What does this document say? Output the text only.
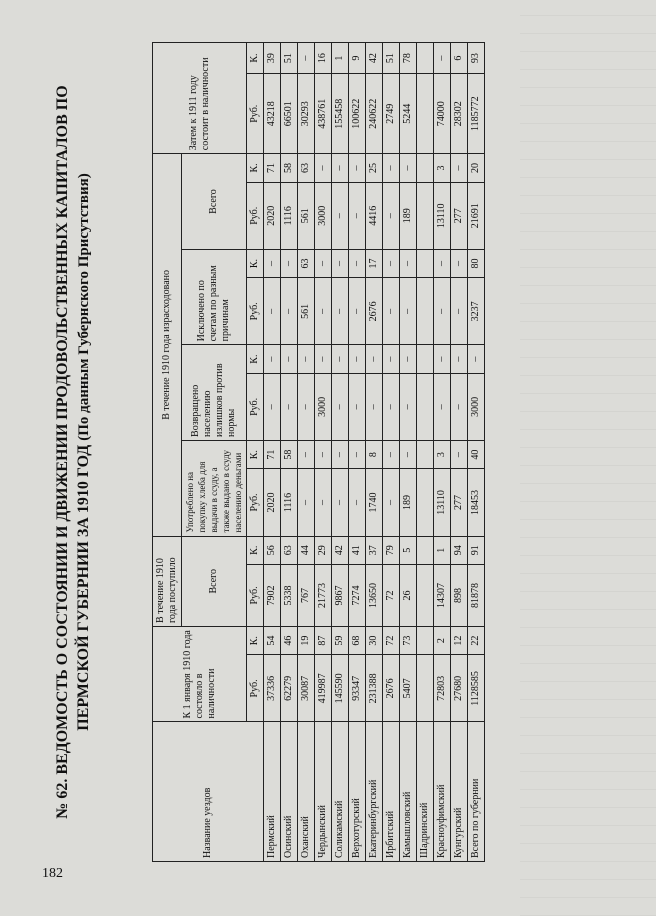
182
№ 62. ВЕДОМОСТЬ О СОСТОЯНИИ И ДВИЖЕНИИ ПРОДОВОЛЬСТВЕННЫХ КАПИТАЛОВ ПО ПЕРМСКОЙ ГУБЕРНИИ ЗА 1910 ГОД (По данным Губернского Присутствия)
Название уездов	К 1 января 1910 года состояло в наличности		В течение 1910 года поступило		В течение 1910 года израсходовано								Затем к 1911 году состоит в наличности	
			Всего		Употреблено на покупку хлеба для выдачи в ссуду, а также выдано в ссуду населению деньгами		Возвращено населению излишков против нормы		Исключено по счетам по разным причинам		Всего			
	Руб.	К.	Руб.	К.	Руб.	К.	Руб.	К.	Руб.	К.	Руб.	К.	Руб.	К.
Пермский	37336	54	7902	56	2020	71	–	–	–	–	2020	71	43218	39
Осинский	62279	46	5338	63	1116	58	–	–	–	–	1116	58	66501	51
Оханский	30087	19	767	44	–	–	–	–	561	63	561	63	30293	–
Чердынский	419987	87	21773	29	–	–	3000	–	–	–	3000	–	438761	16
Соликамский	145590	59	9867	42	–	–	–	–	–	–	–	–	155458	1
Верхотурский	93347	68	7274	41	–	–	–	–	–	–	–	–	100622	9
Екатеринбургский	231388	30	13650	37	1740	8	–	–	2676	17	4416	25	240622	42
Ирбитский	2676	72	72	79	–	–	–	–	–	–	–	–	2749	51
Камышловский	5407	73	26	5	189	–	–	–	–	–	189	–	5244	78
Шадринский														
Красноуфимский	72803	2	14307	1	13110	3	–	–	–	–	13110	3	74000	–
Кунгурский	27680	12	898	94	277	–	–	–	–	–	277	–	28302	6
Всего по губернии	1128585	22	81878	91	18453	40	3000	–	3237	80	21691	20	1185772	93
